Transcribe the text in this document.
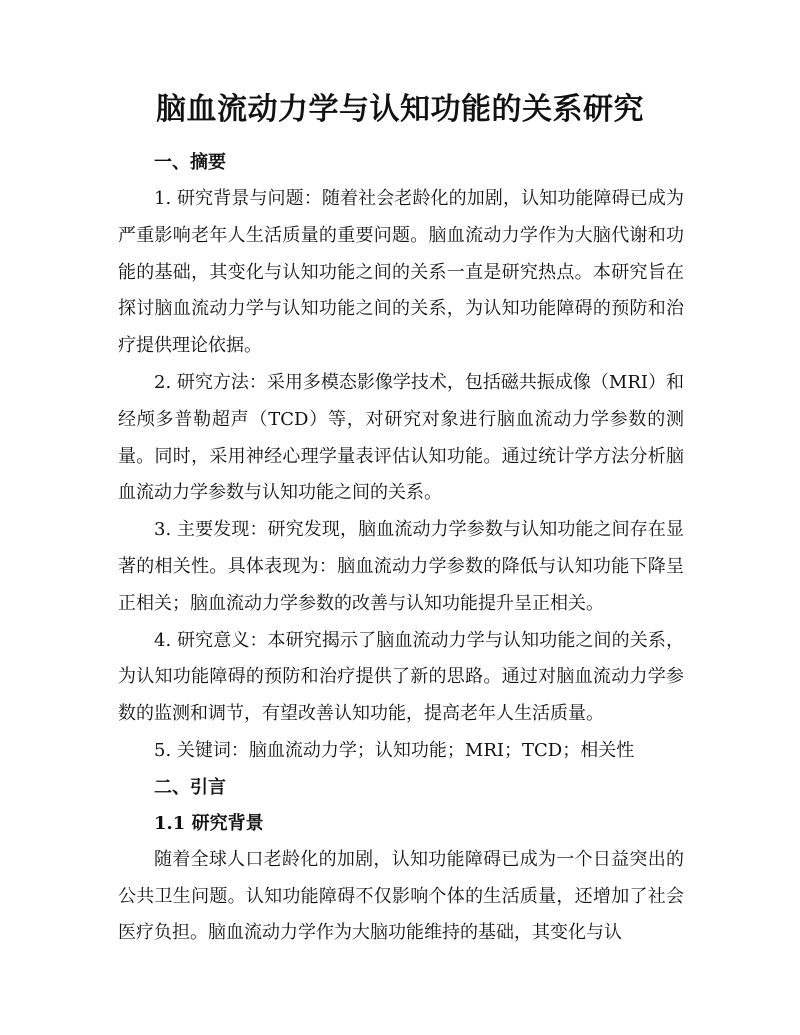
脑血流动力学与认知功能的关系研究
一、摘要

1. 研究背景与问题：随着社会老龄化的加剧，认知功能障碍已成为严重影响老年人生活质量的重要问题。脑血流动力学作为大脑代谢和功能的基础，其变化与认知功能之间的关系一直是研究热点。本研究旨在探讨脑血流动力学与认知功能之间的关系，为认知功能障碍的预防和治疗提供理论依据。

2. 研究方法：采用多模态影像学技术，包括磁共振成像（MRI）和经颅多普勒超声（TCD）等，对研究对象进行脑血流动力学参数的测量。同时，采用神经心理学量表评估认知功能。通过统计学方法分析脑血流动力学参数与认知功能之间的关系。

3. 主要发现：研究发现，脑血流动力学参数与认知功能之间存在显著的相关性。具体表现为：脑血流动力学参数的降低与认知功能下降呈正相关；脑血流动力学参数的改善与认知功能提升呈正相关。

4. 研究意义：本研究揭示了脑血流动力学与认知功能之间的关系，为认知功能障碍的预防和治疗提供了新的思路。通过对脑血流动力学参数的监测和调节，有望改善认知功能，提高老年人生活质量。

5. 关键词：脑血流动力学；认知功能；MRI；TCD；相关性

二、引言
1.1 研究背景

随着全球人口老龄化的加剧，认知功能障碍已成为一个日益突出的公共卫生问题。认知功能障碍不仅影响个体的生活质量，还增加了社会医疗负担。脑血流动力学作为大脑功能维持的基础，其变化与认
